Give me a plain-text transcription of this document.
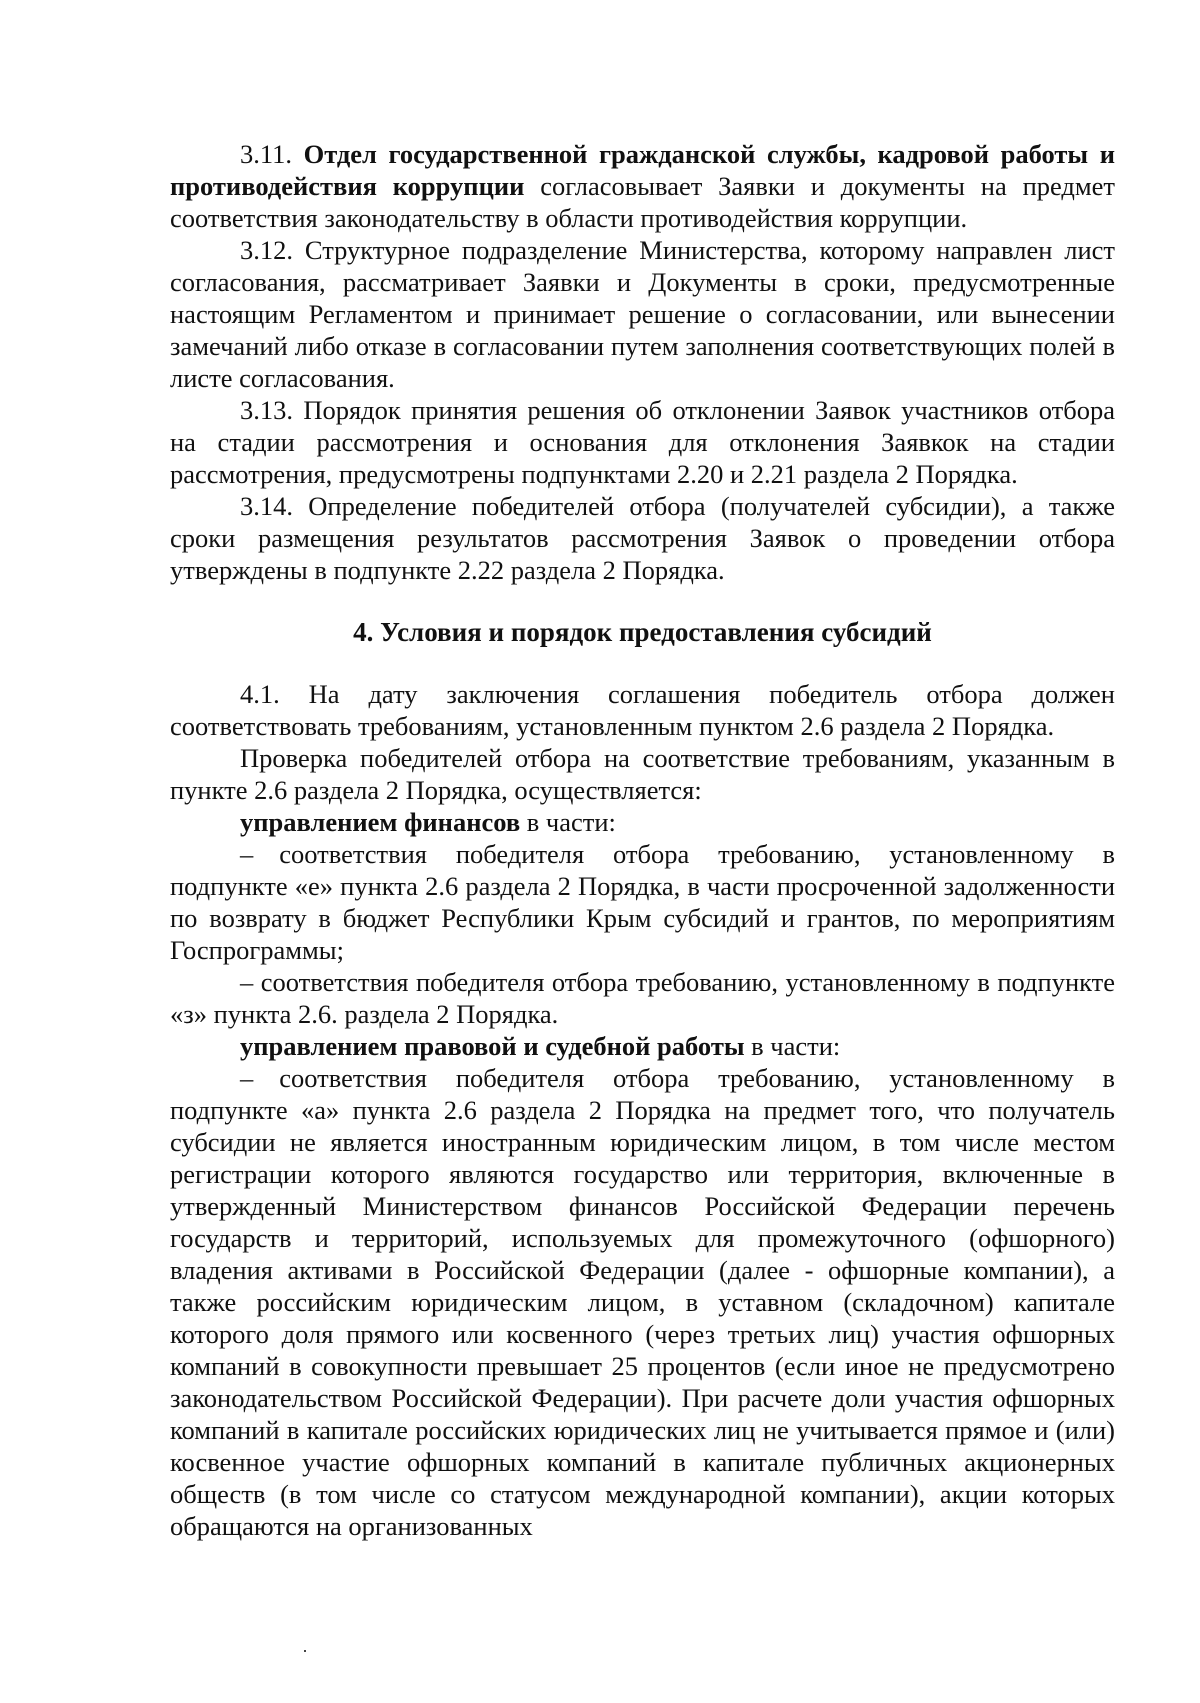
3.11. Отдел государственной гражданской службы, кадровой работы и противодействия коррупции согласовывает Заявки и документы на предмет соответствия законодательству в области противодействия коррупции.

3.12. Структурное подразделение Министерства, которому направлен лист согласования, рассматривает Заявки и Документы в сроки, предусмотренные настоящим Регламентом и принимает решение о согласовании, или вынесении замечаний либо отказе в согласовании путем заполнения соответствующих полей в листе согласования.

3.13. Порядок принятия решения об отклонении Заявок участников отбора на стадии рассмотрения и основания для отклонения Заявкок на стадии рассмотрения, предусмотрены подпунктами 2.20 и 2.21 раздела 2 Порядка.

3.14. Определение победителей отбора (получателей субсидии), а также сроки размещения результатов рассмотрения Заявок о проведении отбора утверждены в подпункте 2.22 раздела 2 Порядка.

4. Условия и порядок предоставления субсидий

4.1. На дату заключения соглашения победитель отбора должен соответствовать требованиям, установленным пунктом 2.6 раздела 2 Порядка.

Проверка победителей отбора на соответствие требованиям, указанным в пункте 2.6 раздела 2 Порядка, осуществляется:

управлением финансов в части:

– соответствия победителя отбора требованию, установленному в подпункте «е» пункта 2.6 раздела 2 Порядка, в части просроченной задолженности по возврату в бюджет Республики Крым субсидий и грантов, по мероприятиям Госпрограммы;

– соответствия победителя отбора требованию, установленному в подпункте «з» пункта 2.6. раздела 2 Порядка.

управлением правовой и судебной работы в части:

– соответствия победителя отбора требованию, установленному в подпункте «а» пункта 2.6 раздела 2 Порядка на предмет того, что получатель субсидии не является иностранным юридическим лицом, в том числе местом регистрации которого являются государство или территория, включенные в утвержденный Министерством финансов Российской Федерации перечень государств и территорий, используемых для промежуточного (офшорного) владения активами в Российской Федерации (далее - офшорные компании), а также российским юридическим лицом, в уставном (складочном) капитале которого доля прямого или косвенного (через третьих лиц) участия офшорных компаний в совокупности превышает 25 процентов (если иное не предусмотрено законодательством Российской Федерации). При расчете доли участия офшорных компаний в капитале российских юридических лиц не учитывается прямое и (или) косвенное участие офшорных компаний в капитале публичных акционерных обществ (в том числе со статусом международной компании), акции которых обращаются на организованных
